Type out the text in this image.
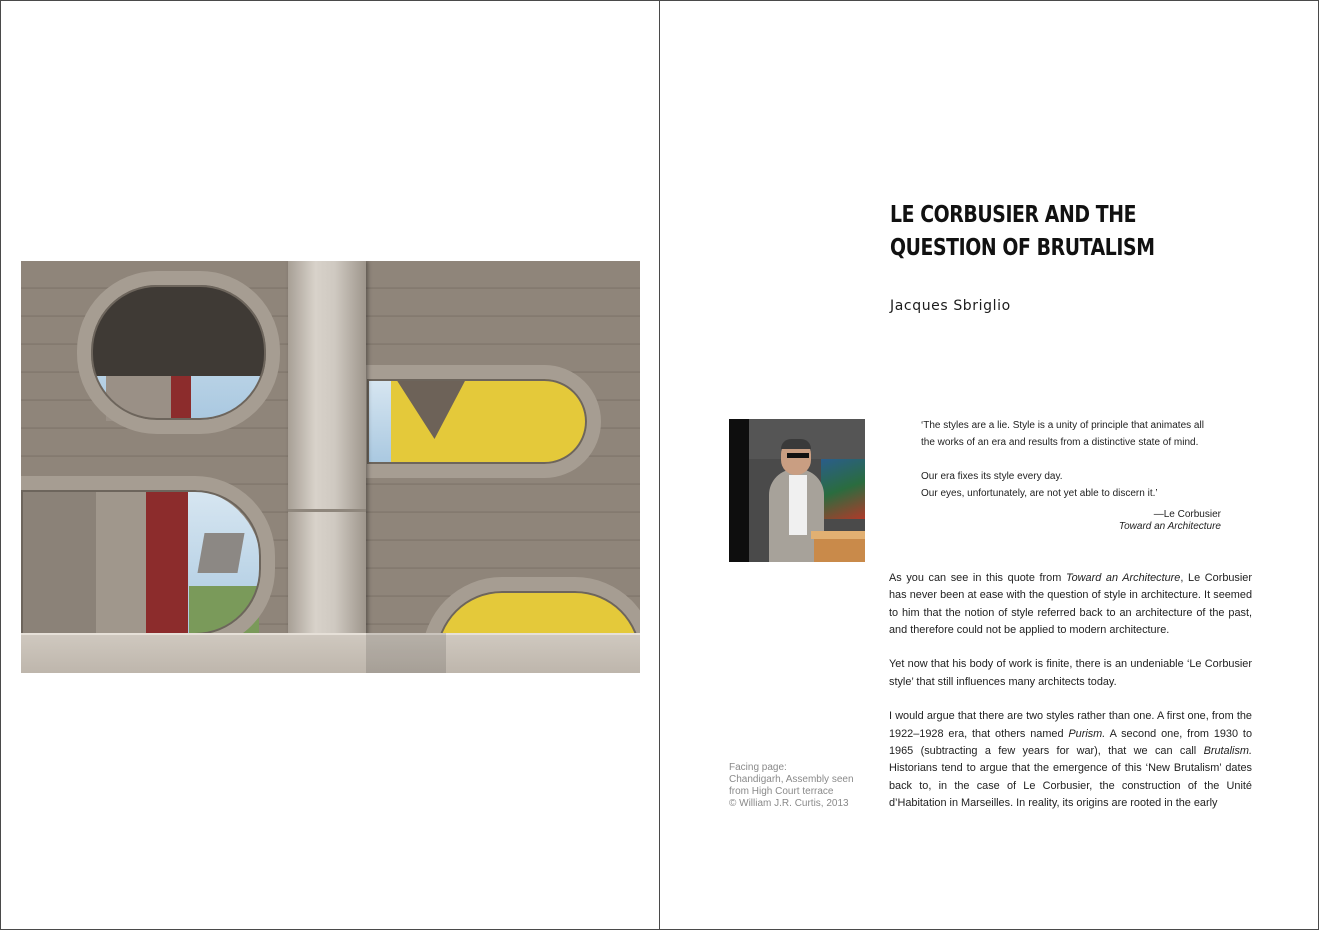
LE CORBUSIER AND THE
QUESTION OF BRUTALISM
Jacques Sbriglio

‘The styles are a lie. Style is a unity of principle that animates all
the works of an era and results from a distinctive state of mind.

Our era fixes its style every day.
Our eyes, unfortunately, are not yet able to discern it.’

—Le Corbusier
Toward an Architecture
Facing page:
Chandigarh, Assembly seen
from High Court terrace
© William J.R. Curtis, 2013

As you can see in this quote from Toward an Architecture, Le Corbusier has never been at ease with the question of style in architecture. It seemed to him that the notion of style referred back to an architecture of the past, and therefore could not be applied to modern architecture.

Yet now that his body of work is finite, there is an undeniable ‘Le Corbusier style’ that still influences many architects today.

I would argue that there are two styles rather than one. A first one, from the 1922–1928 era, that others named Purism. A second one, from 1930 to 1965 (subtracting a few years for war), that we can call Brutalism. Historians tend to argue that the emergence of this ‘New Brutalism’ dates back to, in the case of Le Corbusier, the construction of the Unité d’Habitation in Marseilles. In reality, its origins are rooted in the early
